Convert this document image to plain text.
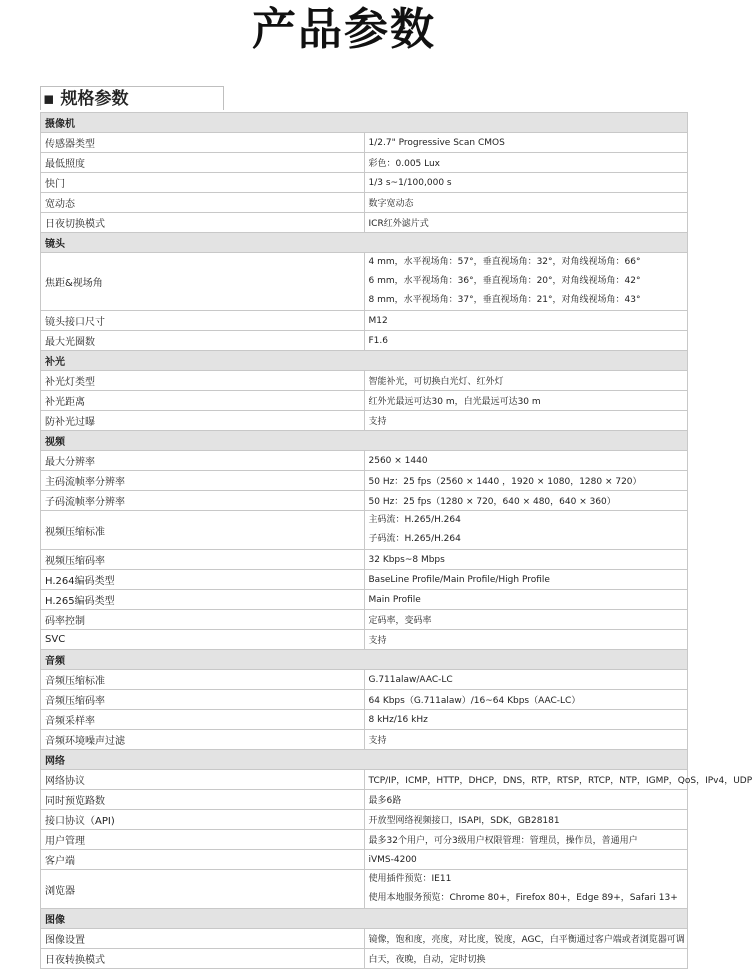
产品参数
▪ 规格参数
摄像机	
传感器类型	1/2.7" Progressive Scan CMOS

最低照度	彩色：0.005 Lux

快门	1/3 s~1/100,000 s

宽动态	数字宽动态

日夜切换模式	ICR红外滤片式

镜头	
焦距&视场角	4 mm，水平视场角：57°，垂直视场角：32°，对角线视场角：66°
6 mm，水平视场角：36°，垂直视场角：20°，对角线视场角：42°
8 mm，水平视场角：37°，垂直视场角：21°，对角线视场角：43°

镜头接口尺寸	M12

最大光圈数	F1.6

补光	
补光灯类型	智能补光，可切换白光灯、红外灯

补光距离	红外光最远可达30 m，白光最远可达30 m

防补光过曝	支持

视频	
最大分辨率	2560 × 1440

主码流帧率分辨率	50 Hz：25 fps（2560 × 1440 ，1920 × 1080，1280 × 720）

子码流帧率分辨率	50 Hz：25 fps（1280 × 720，640 × 480，640 × 360）

视频压缩标准	主码流：H.265/H.264
子码流：H.265/H.264

视频压缩码率	32 Kbps~8 Mbps

H.264编码类型	BaseLine Profile/Main Profile/High Profile

H.265编码类型	Main Profile

码率控制	定码率，变码率

SVC	支持

音频	
音频压缩标准	G.711alaw/AAC-LC

音频压缩码率	64 Kbps（G.711alaw）/16~64 Kbps（AAC-LC）

音频采样率	8 kHz/16 kHz

音频环境噪声过滤	支持

网络	
网络协议	TCP/IP，ICMP，HTTP，DHCP，DNS，RTP，RTSP，RTCP，NTP，IGMP，QoS，IPv4，UDP

同时预览路数	最多6路

接口协议（API)	开放型网络视频接口，ISAPI，SDK，GB28181

用户管理	最多32个用户，可分3级用户权限管理：管理员，操作员，普通用户

客户端	iVMS-4200

浏览器	使用插件预览：IE11
使用本地服务预览：Chrome 80+，Firefox 80+，Edge 89+，Safari 13+

图像	
图像设置	镜像，饱和度，亮度，对比度，锐度，AGC，白平衡通过客户端或者浏览器可调

日夜转换模式	白天，夜晚，自动，定时切换
